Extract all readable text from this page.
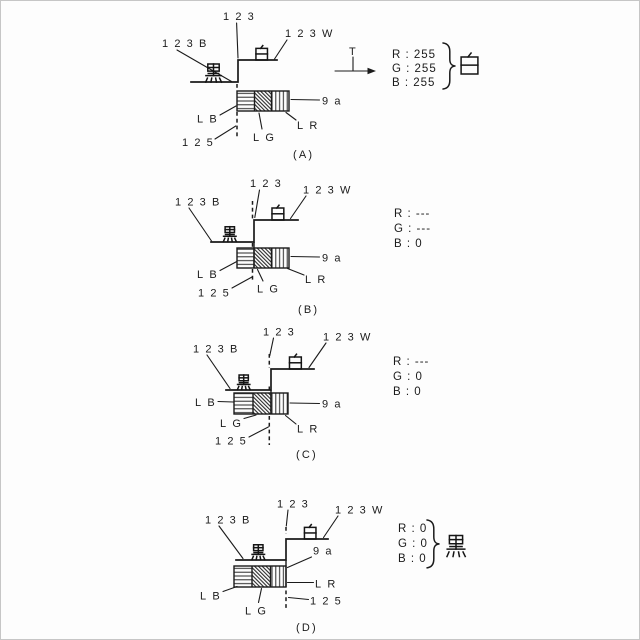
123
123B
123W
LB
125	LG
LR
9a
T	R : 255
G : 255
B : 255
(A)
123
123B
123W
LB
125 LG
LR
9a
R : ---
G : ---
B : 0
(B)
123
123B
123W
LB
LG
125
LR
9a
R : ---
G : 0
B : 0
(C)
123
123B
123W
9a
LR
125
LB
LG
R : 0
G : 0
B : 0
(D)
